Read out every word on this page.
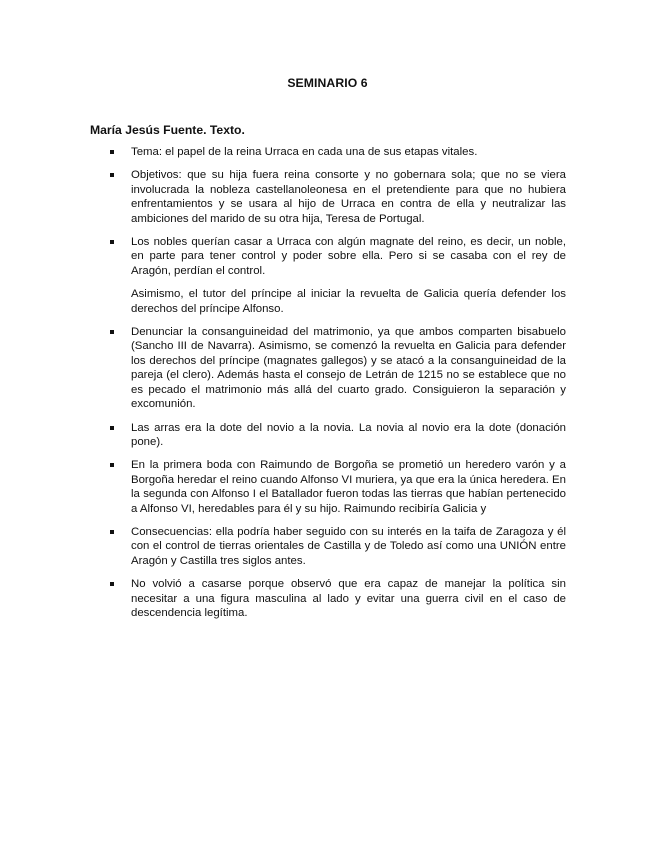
SEMINARIO 6
María Jesús Fuente. Texto.

Tema: el papel de la reina Urraca en cada una de sus etapas vitales.

Objetivos: que su hija fuera reina consorte y no gobernara sola; que no se viera involucrada la nobleza castellanoleonesa en el pretendiente para que no hubiera enfrentamientos y se usara al hijo de Urraca en contra de ella y neutralizar las ambiciones del marido de su otra hija, Teresa de Portugal.

Los nobles querían casar a Urraca con algún magnate del reino, es decir, un noble, en parte para tener control y poder sobre ella. Pero si se casaba con el rey de Aragón, perdían el control.

Asimismo, el tutor del príncipe al iniciar la revuelta de Galicia quería defender los derechos del príncipe Alfonso.

Denunciar la consanguineidad del matrimonio, ya que ambos comparten bisabuelo (Sancho III de Navarra). Asimismo, se comenzó la revuelta en Galicia para defender los derechos del príncipe (magnates gallegos) y se atacó a la consanguineidad de la pareja (el clero). Además hasta el consejo de Letrán de 1215 no se establece que no es pecado el matrimonio más allá del cuarto grado. Consiguieron la separación y excomunión.

Las arras era la dote del novio a la novia. La novia al novio era la dote (donación pone).

En la primera boda con Raimundo de Borgoña se prometió un heredero varón y a Borgoña heredar el reino cuando Alfonso VI muriera, ya que era la única heredera. En la segunda con Alfonso I el Batallador fueron todas las tierras que habían pertenecido a Alfonso VI, heredables para él y su hijo. Raimundo recibiría Galicia y

Consecuencias: ella podría haber seguido con su interés en la taifa de Zaragoza y él con el control de tierras orientales de Castilla y de Toledo así como una UNIÓN entre Aragón y Castilla tres siglos antes.

No volvió a casarse porque observó que era capaz de manejar la política sin necesitar a una figura masculina al lado y evitar una guerra civil en el caso de descendencia legítima.
